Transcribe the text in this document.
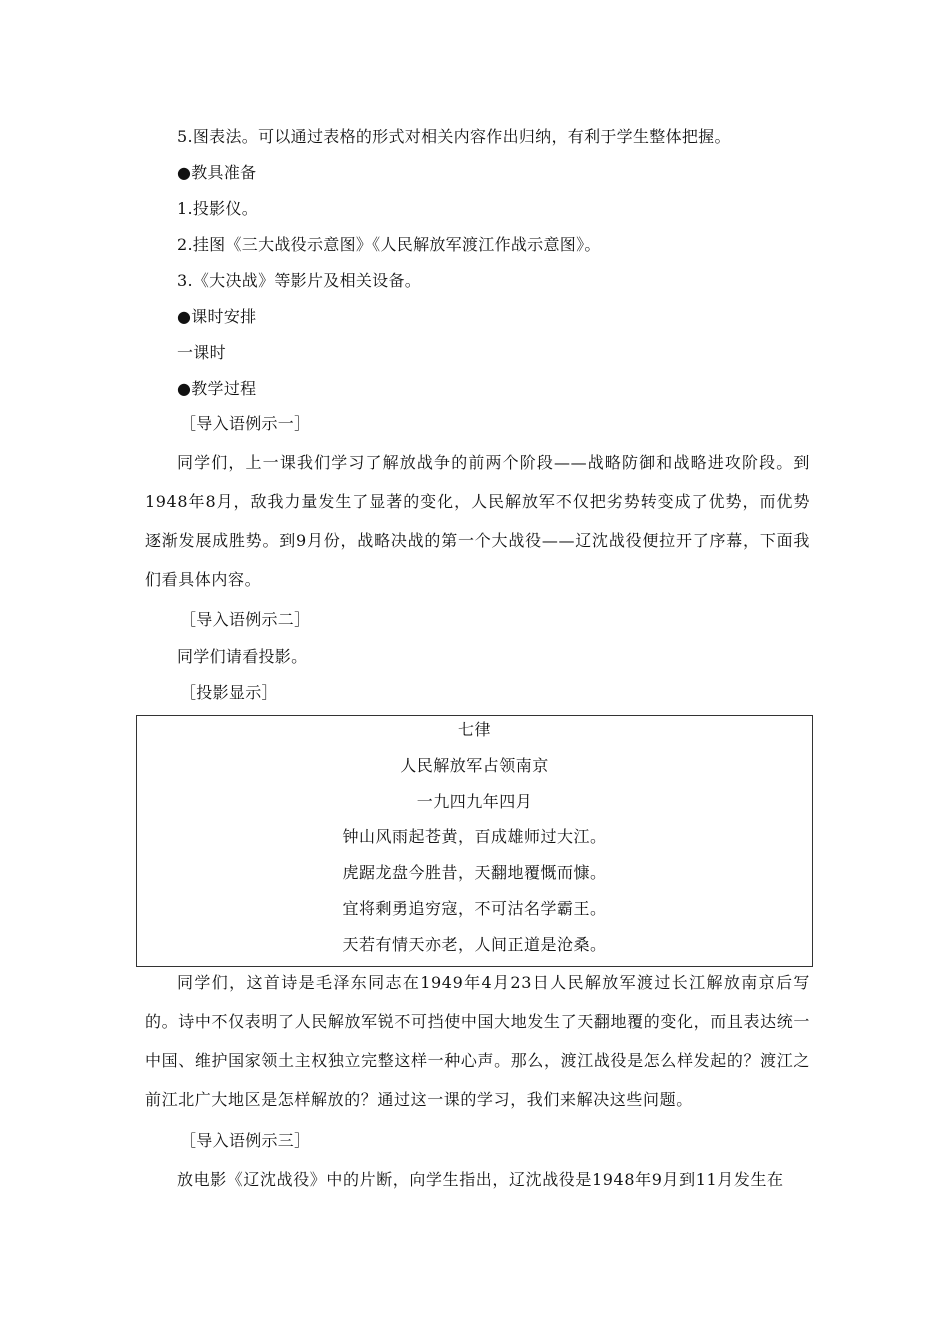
5.图表法。可以通过表格的形式对相关内容作出归纳，有利于学生整体把握。
●教具准备
1.投影仪。
2.挂图《三大战役示意图》《人民解放军渡江作战示意图》。
3.《大决战》等影片及相关设备。
●课时安排
一课时
●教学过程
［导入语例示一］
同学们，上一课我们学习了解放战争的前两个阶段——战略防御和战略进攻阶段。到1948年8月，敌我力量发生了显著的变化，人民解放军不仅把劣势转变成了优势，而优势逐渐发展成胜势。到9月份，战略决战的第一个大战役——辽沈战役便拉开了序幕，下面我们看具体内容。
［导入语例示二］
同学们请看投影。
［投影显示］
七律
人民解放军占领南京
一九四九年四月
钟山风雨起苍黄，百成雄师过大江。
虎踞龙盘今胜昔，天翻地覆慨而慷。
宜将剩勇追穷寇，不可沽名学霸王。
天若有情天亦老，人间正道是沧桑。
同学们，这首诗是毛泽东同志在1949年4月23日人民解放军渡过长江解放南京后写的。诗中不仅表明了人民解放军锐不可挡使中国大地发生了天翻地覆的变化，而且表达统一中国、维护国家领土主权独立完整这样一种心声。那么，渡江战役是怎么样发起的？渡江之前江北广大地区是怎样解放的？通过这一课的学习，我们来解决这些问题。
［导入语例示三］
放电影《辽沈战役》中的片断，向学生指出，辽沈战役是1948年9月到11月发生在
